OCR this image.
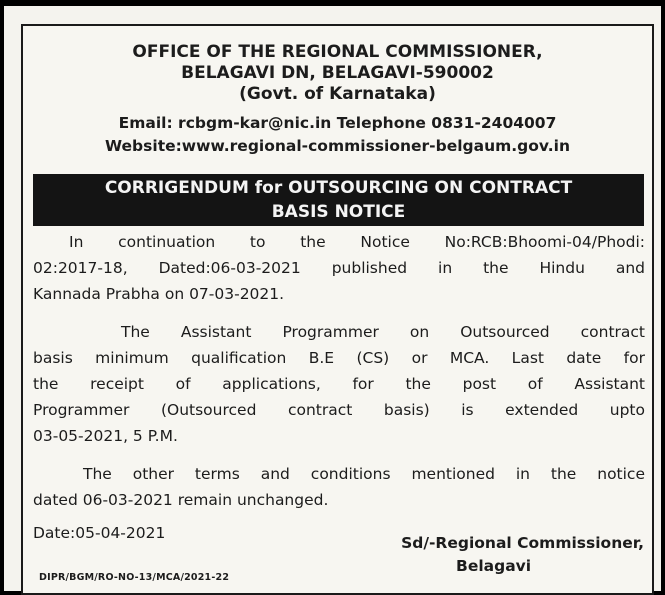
OFFICE OF THE REGIONAL COMMISSIONER,
BELAGAVI DN, BELAGAVI-590002
(Govt. of Karnataka)
Email: rcbgm-kar@nic.in Telephone 0831-2404007
Website:www.regional-commissioner-belgaum.gov.in
CORRIGENDUM for OUTSOURCING ON CONTRACT
BASIS NOTICE
In continuation to the Notice No:RCB:Bhoomi-04/Phodi:
02:2017-18, Dated:06-03-2021 published in the Hindu and
Kannada Prabha on 07-03-2021.
The Assistant Programmer on Outsourced contract
basis minimum qualification B.E (CS) or MCA. Last date for
the receipt of applications, for the post of Assistant
Programmer (Outsourced contract basis) is extended upto
03-05-2021, 5 P.M.
The other terms and conditions mentioned in the notice
dated 06-03-2021 remain unchanged.
Date:05-04-2021
Sd/-Regional Commissioner,
Belagavi
DIPR/BGM/RO-NO-13/MCA/2021-22
